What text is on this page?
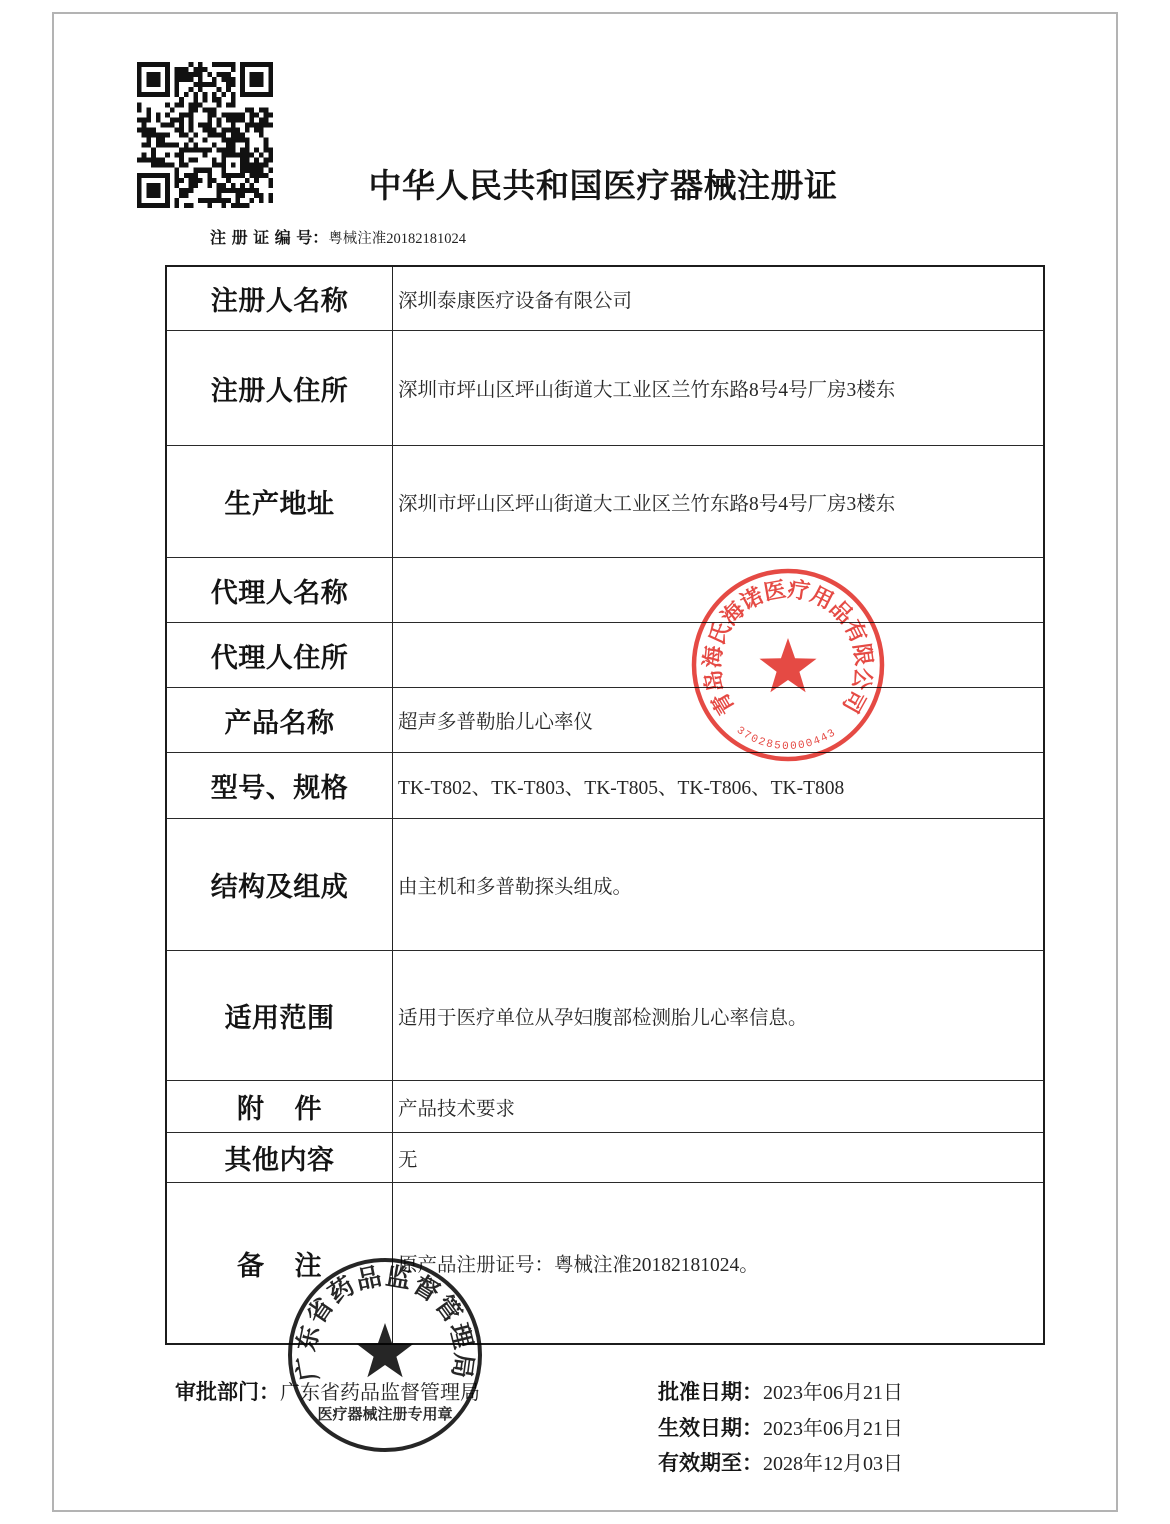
中华人民共和国医疗器械注册证
注 册 证 编 号：粤械注准20182181024
注册人名称	深圳泰康医疗设备有限公司
注册人住所	深圳市坪山区坪山街道大工业区兰竹东路8号4号厂房3楼东
生产地址	深圳市坪山区坪山街道大工业区兰竹东路8号4号厂房3楼东
代理人名称
代理人住所
产品名称	超声多普勒胎儿心率仪
型号、规格	TK-T802、TK-T803、TK-T805、TK-T806、TK-T808
结构及组成	由主机和多普勒探头组成。
适用范围	适用于医疗单位从孕妇腹部检测胎儿心率信息。
附 件	产品技术要求
其他内容	无
备 注	原产品注册证号：粤械注准20182181024。
审批部门：广东省药品监督管理局	批准日期：2023年06月21日
生效日期：2023年06月21日
有效期至：2028年12月03日
青岛海氏海诺医疗用品有限公司
3702850000443
广东省药品监督管理局
医疗器械注册专用章
